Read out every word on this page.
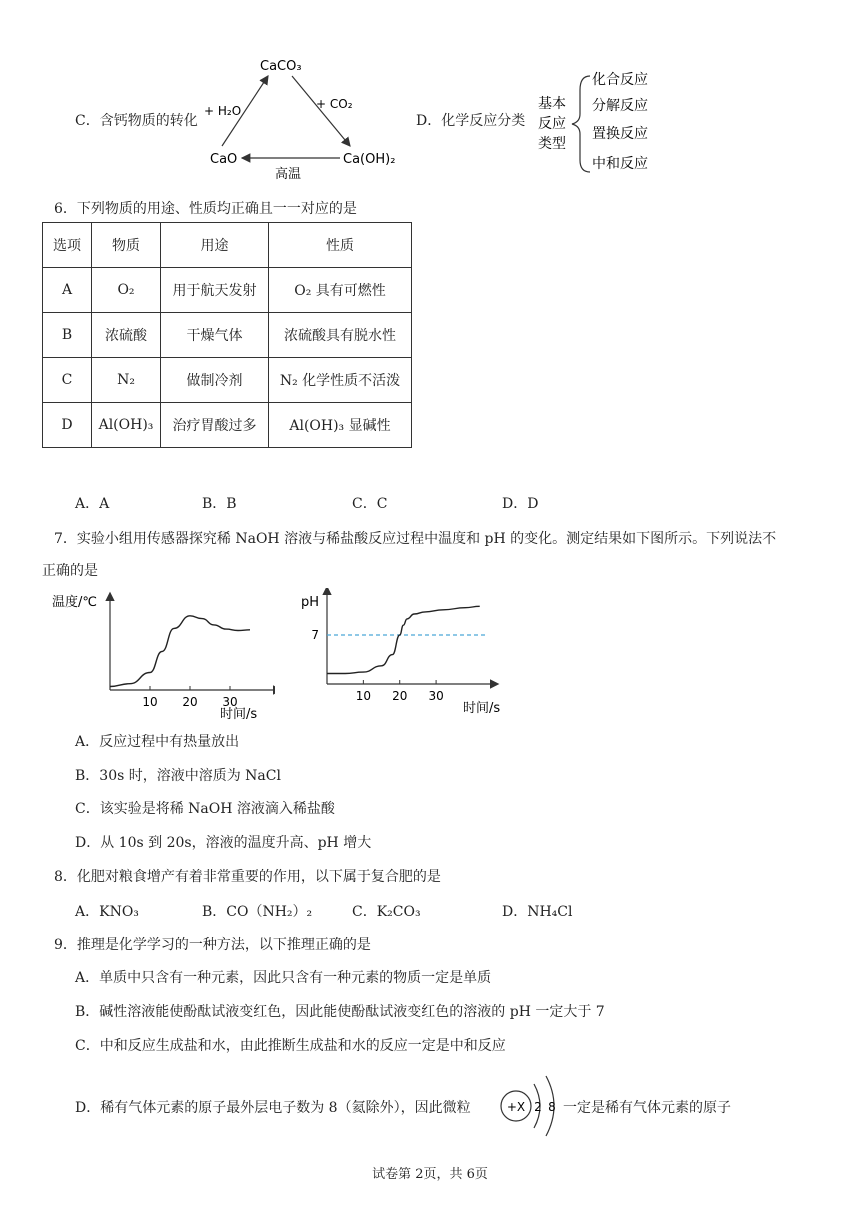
C．含钙物质的转化
CaCO₃
CaO	Ca(OH)₂
+ H₂O	+ CO₂
高温
D．化学反应分类
基本
反应
类型
化合反应
分解反应
置换反应
中和反应
6．下列物质的用途、性质均正确且一一对应的是
选项	物质	用途	性质
A	O₂	用于航天发射	O₂ 具有可燃性
B	浓硫酸	干燥气体	浓硫酸具有脱水性
C	N₂	做制冷剂	N₂ 化学性质不活泼
D	Al(OH)₃	治疗胃酸过多	Al(OH)₃ 显碱性
A．A	B．B	C．C	D．D
7．实验小组用传感器探究稀 NaOH 溶液与稀盐酸反应过程中温度和 pH 的变化。测定结果如下图所示。下列说法不
正确的是
温度/℃
时间/s
10 20 30
pH
时间/s
10 20 30
7
A．反应过程中有热量放出
B．30s 时，溶液中溶质为 NaCl
C．该实验是将稀 NaOH 溶液滴入稀盐酸
D．从 10s 到 20s，溶液的温度升高、pH 增大
8．化肥对粮食增产有着非常重要的作用，以下属于复合肥的是
A．KNO₃	B．CO（NH₂）₂	C．K₂CO₃	D．NH₄Cl
9．推理是化学学习的一种方法，以下推理正确的是
A．单质中只含有一种元素，因此只含有一种元素的物质一定是单质
B．碱性溶液能使酚酞试液变红色，因此能使酚酞试液变红色的溶液的 pH 一定大于 7
C．中和反应生成盐和水，由此推断生成盐和水的反应一定是中和反应
D．稀有气体元素的原子最外层电子数为 8（氦除外），因此微粒	+X 2 8 一定是稀有气体元素的原子
试卷第 2页，共 6页
